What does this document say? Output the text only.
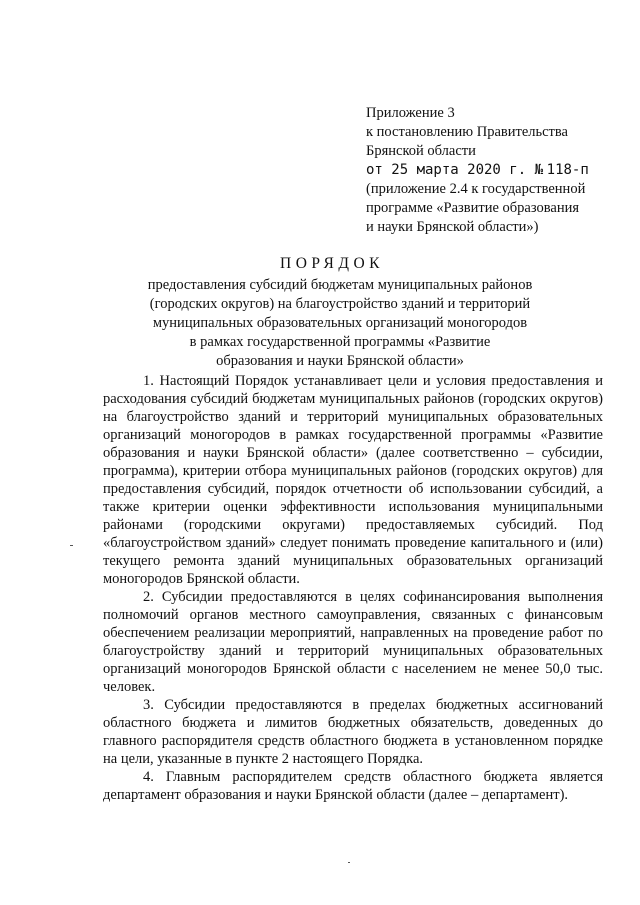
Приложение 3
к постановлению Правительства
Брянской области
от 25 марта 2020 г. № 118-п
(приложение 2.4 к государственной
программе «Развитие образования
и науки Брянской области»)
ПОРЯДОК
предоставления субсидий бюджетам муниципальных районов
(городских округов) на благоустройство зданий и территорий
муниципальных образовательных организаций моногородов
в рамках государственной программы «Развитие
образования и науки Брянской области»

1. Настоящий Порядок устанавливает цели и условия предоставления и расходования субсидий бюджетам муниципальных районов (городских округов) на благоустройство зданий и территорий муниципальных образовательных организаций моногородов в рамках государственной программы «Развитие образования и науки Брянской области» (далее соответственно – субсидии, программа), критерии отбора муниципальных районов (городских округов) для предоставления субсидий, порядок отчетности об использовании субсидий, а также критерии оценки эффективности использования муниципальными районами (городскими округами) предоставляемых субсидий. Под «благоустройством зданий» следует понимать проведение капитального и (или) текущего ремонта зданий муниципальных образовательных организаций моногородов Брянской области.

2. Субсидии предоставляются в целях софинансирования выполнения полномочий органов местного самоуправления, связанных с финансовым обеспечением реализации мероприятий, направленных на проведение работ по благоустройству зданий и территорий муниципальных образовательных организаций моногородов Брянской области с населением не менее 50,0 тыс. человек.

3. Субсидии предоставляются в пределах бюджетных ассигнований областного бюджета и лимитов бюджетных обязательств, доведенных до главного распорядителя средств областного бюджета в установленном порядке на цели, указанные в пункте 2 настоящего Порядка.

4. Главным распорядителем средств областного бюджета является департамент образования и науки Брянской области (далее – департамент).
